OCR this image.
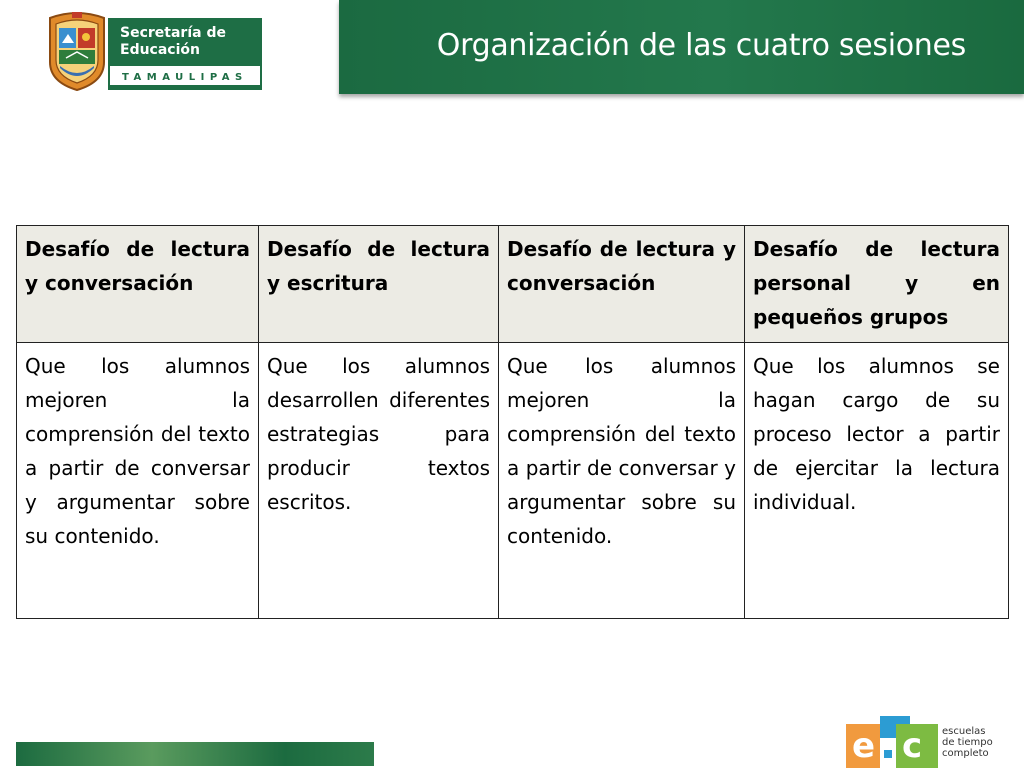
Secretaría de
Educación
TAMAULIPAS
Organización de las cuatro sesiones
Desafío de lectura y conversación	Desafío de lectura y escritura	Desafío de lectura y conversación	Desafío de lectura personal y en pequeños grupos
Que los alumnos mejoren la comprensión del texto a partir de conversar y argumentar sobre su contenido.	Que los alumnos desarrollen diferentes estrategias para producir textos escritos.	Que los alumnos mejoren la comprensión del texto a partir de conversar y argumentar sobre su contenido.	Que los alumnos se hagan cargo de su proceso lector a partir de ejercitar la lectura individual.
e c escuelas
de tiempo
completo
